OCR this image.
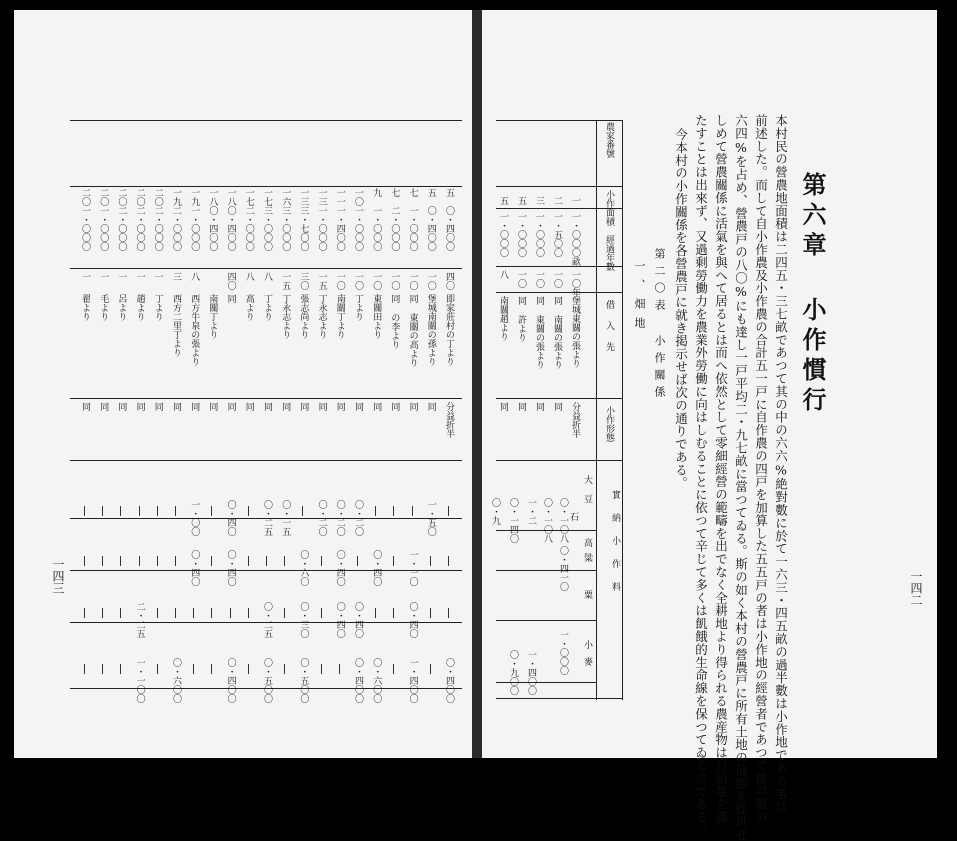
一四二
第六章 小作慣行
本村民の營農地面積は二四五・三七畝であつて其の中の六六%絶對數に於て一六三・四五畝の過半數は小作地である事は
前述した。而して自小作農及小作農の合計五一戸に自作農の四戸を加算した五五戸の者は小作地の經營者であつて總戸數の
六四%を占め、營農戸の八〇%にも達し一戸平均二・九七畝に當つてゐる。斯の如く本村の營農戸に所有土地の倍額を提供せ
しめて營農關係に活氣を與へて居るとは而へ依然として零細經營の範疇を出でなく全耕地より得られる農産物は自給量を滿
たすことは出來ず、又過剩勞働力を農業外勞働に向はしむることに依つて辛じて多くは飢餓的生命線を保つてゐるのである。
今本村の小作關係を各營農戸に就き掲示せば次の通りである。
第二〇表 小作關係
一、畑地
農家番號
小作面積
經過年數
借入先
小作形態
實納小作料
大豆
高粱
粟
小麥
石
一
一・〇〇〇畝
一〇年
堡城東關の張より
分益折半
〇・一〇八
〇・四一〇
一・〇〇〇
二
一・五〇〇
一〇
同 南關の張より
同
〇・一〇八
三
一・〇〇〇
一〇
同 東關の張より
同
一・二
一・四〇〇
五
一・〇〇〇
一〇
同 許より
同
〇・一四〇
〇・九〇〇
五
一・〇〇〇
八
南關趙より
同
〇・九
一四三
五
〇・四〇〇
四〇
即家莊村の丁より
分益折半
〇・四〇〇
五
〇・四〇〇
一〇
堡城南關の孫より
同
一・五〇
七
一・〇〇〇
一〇
同 東關の高より
同
一・一〇
〇・四〇
一・四〇〇
七
二・〇〇〇
一〇
同 の李より
同
九
一・〇〇〇
一〇
東關田より
同
〇・四〇
〇・六〇〇
一〇
一・〇〇〇
一〇
丁より
同
〇・二〇
〇・四〇
〇・四〇〇
一一
一・四〇〇
一〇
南關丁より
同
〇・二〇
〇・四〇
〇・四〇
一三
一・〇〇〇
一五
丁永志より
同
〇・二〇
一三
三・七〇〇
三〇
張志尚より
同
〇・六〇
〇・三〇
〇・五〇〇
一六
三・〇〇〇
一五
丁永志より
同
〇・一五
一七
三・〇〇〇
八
丁より
同
〇・二五
〇・二五
〇・五〇〇
一七
二・〇〇〇
八
高より
同
一八
〇・四〇〇
四〇
同
同
〇・四〇
〇・四〇
〇・四〇〇
一八
〇・四〇〇
南關丁より
同
一九
一・〇〇〇
八
西方牛泉の張より
同
一・〇〇
〇・四〇
一九
二・〇〇〇
三
西方二里丁より
同
〇・六〇〇
二〇
二・〇〇〇
一
丁より
同
二〇
二・〇〇〇
一
趙より
同
二・二五
一・一〇〇
二〇
二・〇〇〇
一
呂より
同
二〇
一・〇〇〇
一
毛より
同
二〇
一・〇〇〇
一
翟より
同
